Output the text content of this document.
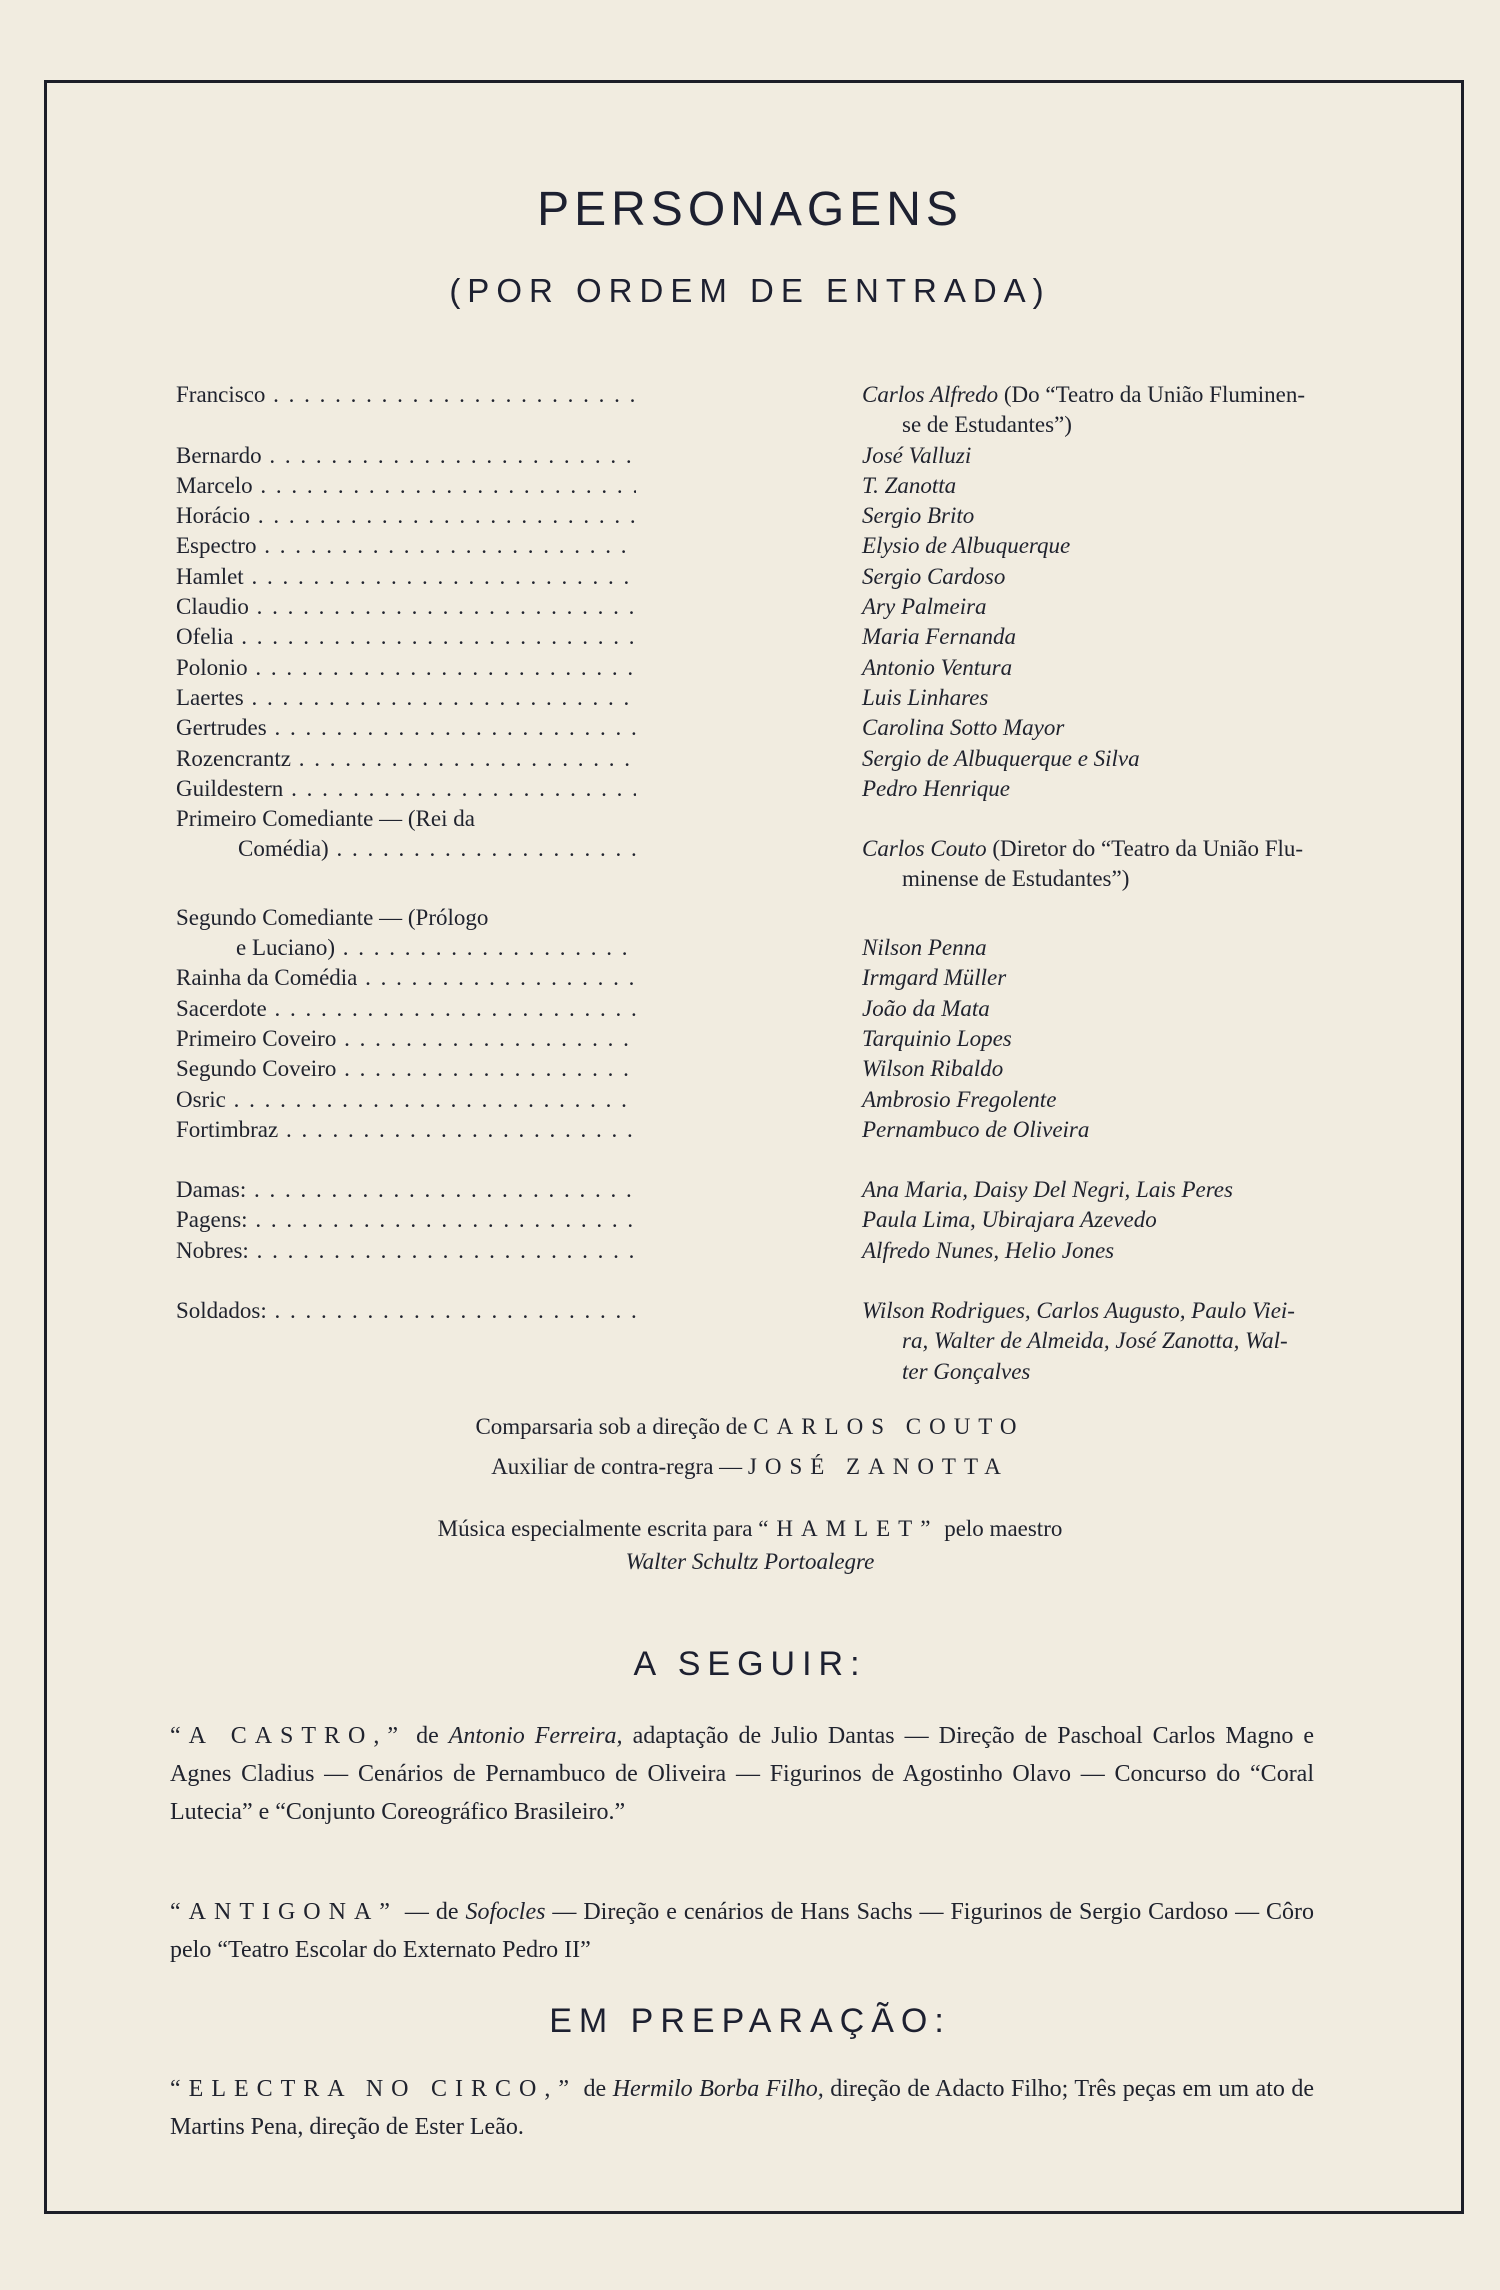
PERSONAGENS
(POR ORDEM DE ENTRADA)
Francisco . . .	Carlos Alfredo (Do “Teatro da União Fluminen-
se de Estudantes”)
Bernardo . . .	José Valluzi
Marcelo . . .	T. Zanotta
Horácio . . .	Sergio Brito
Espectro . . .	Elysio de Albuquerque
Hamlet . . .	Sergio Cardoso
Claudio . . .	Ary Palmeira
Ofelia . . .	Maria Fernanda
Polonio . . .	Antonio Ventura
Laertes . . .	Luis Linhares
Gertrudes . . .	Carolina Sotto Mayor
Rozencrantz . . .	Sergio de Albuquerque e Silva
Guildestern . . .	Pedro Henrique
Primeiro Comediante — (Rei da

Comédia) . . .	Carlos Couto (Diretor do “Teatro da União Flu-
minense de Estudantes”)
Segundo Comediante — (Prólogo

e Luciano) . . .	Nilson Penna
Rainha da Comédia . . .	Irmgard Müller
Sacerdote . . .	João da Mata
Primeiro Coveiro . . .	Tarquinio Lopes
Segundo Coveiro . . .	Wilson Ribaldo
Osric . . .	Ambrosio Fregolente
Fortimbraz . . .	Pernambuco de Oliveira
Damas: . . .	Ana Maria, Daisy Del Negri, Lais Peres
Pagens: . . .	Paula Lima, Ubirajara Azevedo
Nobres: . . .	Alfredo Nunes, Helio Jones
Soldados: . . .	Wilson Rodrigues, Carlos Augusto, Paulo Viei-
ra, Walter de Almeida, José Zanotta, Wal-
ter Gonçalves
Comparsaria sob a direção de CARLOS COUTO
Auxiliar de contra-regra — JOSÉ ZANOTTA
Música especialmente escrita para “HAMLET” pelo maestro
Walter Schultz Portoalegre
A SEGUIR:
“A CASTRO,” de Antonio Ferreira, adaptação de Julio Dantas — Direção de Paschoal Carlos Magno e Agnes Cladius — Cenários de Pernambuco de Oliveira — Figurinos de Agostinho Olavo — Concurso do “Coral Lutecia” e “Conjunto Coreográfico Brasileiro.”
“ANTIGONA” — de Sofocles — Direção e cenários de Hans Sachs — Figurinos de Sergio Cardoso — Côro pelo “Teatro Escolar do Externato Pedro II”
EM PREPARAÇÃO:
“ELECTRA NO CIRCO,” de Hermilo Borba Filho, direção de Adacto Filho; Três peças em um ato de Martins Pena, direção de Ester Leão.
